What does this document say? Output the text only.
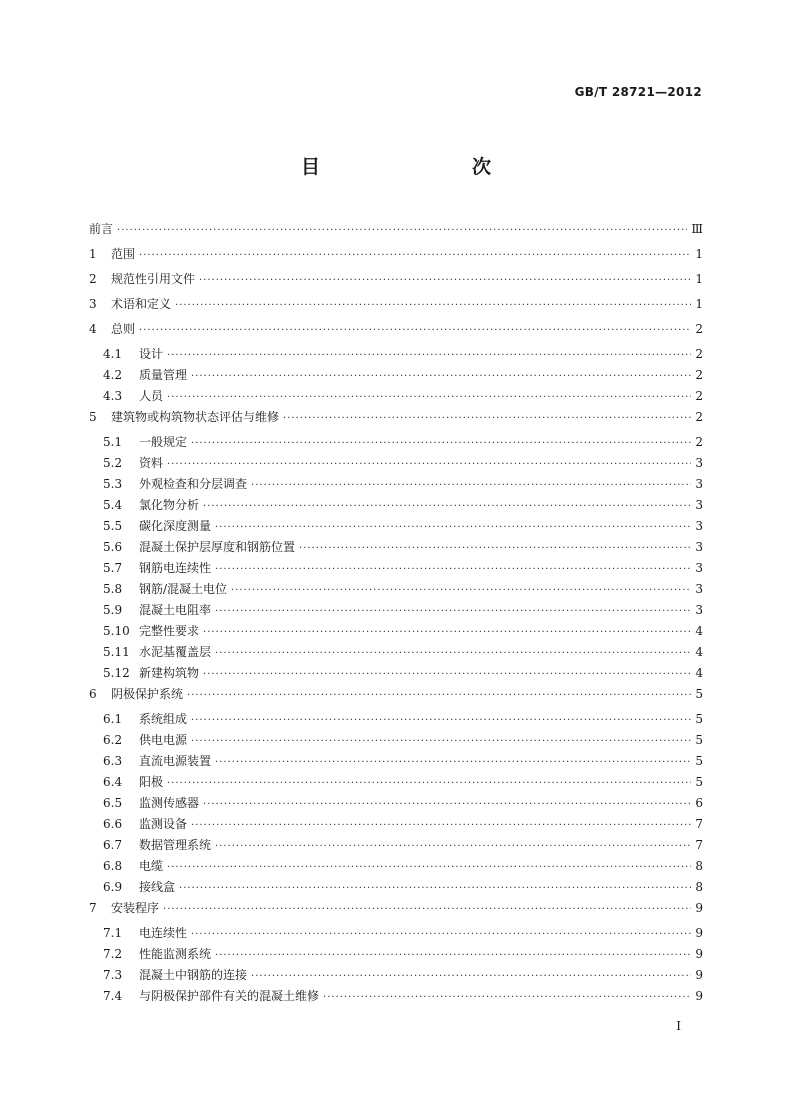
GB/T 28721—2012
目　　次
前言 ·····	Ⅲ
1	范围 ·····	1
2	规范性引用文件 ·····	1
3	术语和定义 ·····	1
4	总则 ·····	2
4.1	设计 ·····	2
4.2	质量管理 ·····	2
4.3	人员 ·····	2
5	建筑物或构筑物状态评估与维修 ·····	2
5.1	一般规定 ·····	2
5.2	资料 ·····	3
5.3	外观检查和分层调查 ·····	3
5.4	氯化物分析 ·····	3
5.5	碳化深度测量 ·····	3
5.6	混凝土保护层厚度和钢筋位置 ·····	3
5.7	钢筋电连续性 ·····	3
5.8	钢筋/混凝土电位 ·····	3
5.9	混凝土电阻率 ·····	3
5.10 完整性要求 ·····	4
5.11 水泥基覆盖层 ·····	4
5.12 新建构筑物 ·····	4
6	阴极保护系统 ·····	5
6.1	系统组成 ·····	5
6.2	供电电源 ·····	5
6.3	直流电源装置 ·····	5
6.4	阳极 ·····	5
6.5	监测传感器 ·····	6
6.6	监测设备 ·····	7
6.7	数据管理系统 ·····	7
6.8	电缆 ·····	8
6.9	接线盒 ·····	8
7	安装程序 ·····	9
7.1	电连续性 ·····	9
7.2	性能监测系统 ·····	9
7.3	混凝土中钢筋的连接 ·····	9
7.4	与阴极保护部件有关的混凝土维修 ·····	9
I
